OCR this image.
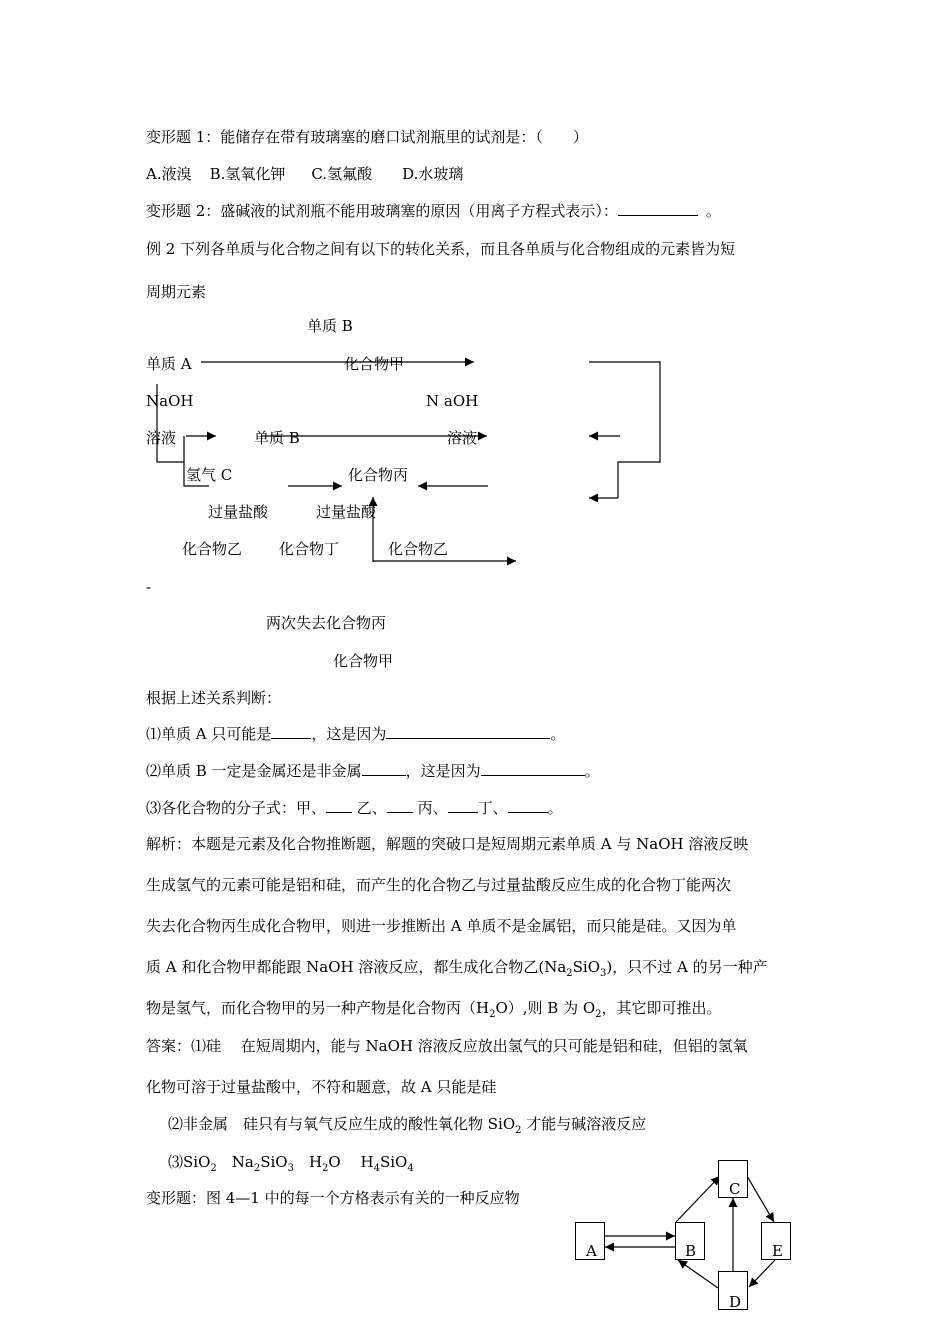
变形题 1：能储存在带有玻璃塞的磨口试剂瓶里的试剂是：（　　）
A.液溴 B.氢氧化钾 C.氢氟酸 D.水玻璃
变形题 2：盛碱液的试剂瓶不能用玻璃塞的原因（用离子方程式表示）：	。
例 2 下列各单质与化合物之间有以下的转化关系，而且各单质与化合物组成的元素皆为短
周期元素
单质 B
单质 A	化合物甲
NaOH	N aOH
溶液	单质 B	溶液
氢气 C	化合物丙
过量盐酸	过量盐酸
化合物乙 化合物丁	化合物乙
-
两次失去化合物丙
化合物甲
根据上述关系判断：
⑴单质 A 只可能是	，这是因为	。
⑵单质 B 一定是金属还是非金属	，这是因为	。
⑶各化合物的分子式：甲、 乙、 丙、 丁、	。
解析：本题是元素及化合物推断题，解题的突破口是短周期元素单质 A 与 NaOH 溶液反映
生成氢气的元素可能是铝和硅，而产生的化合物乙与过量盐酸反应生成的化合物丁能两次
失去化合物丙生成化合物甲，则进一步推断出 A 单质不是金属铝，而只能是硅。又因为单
质 A 和化合物甲都能跟 NaOH 溶液反应，都生成化合物乙$(Na_2SiO_3)$，只不过 A 的另一种产
物是氢气，而化合物甲的另一种产物是化合物丙$(H_2O)$,则 B 为 $O_2$，其它即可推出。
答案：⑴硅　 在短周期内，能与 NaOH 溶液反应放出氢气的只可能是铝和硅，但铝的氢氧
化物可溶于过量盐酸中，不符和题意，故 A 只能是硅
⑵非金属　硅只有与氧气反应生成的酸性氧化物 SiO$_2$ 才能与碱溶液反应
⑶SiO$_2$　$Na_2SiO_3$　$H_2O$　 $H_4SiO_4$
变形题：图 4—1 中的每一个方格表示有关的一种反应物
A	B
C
E
D
